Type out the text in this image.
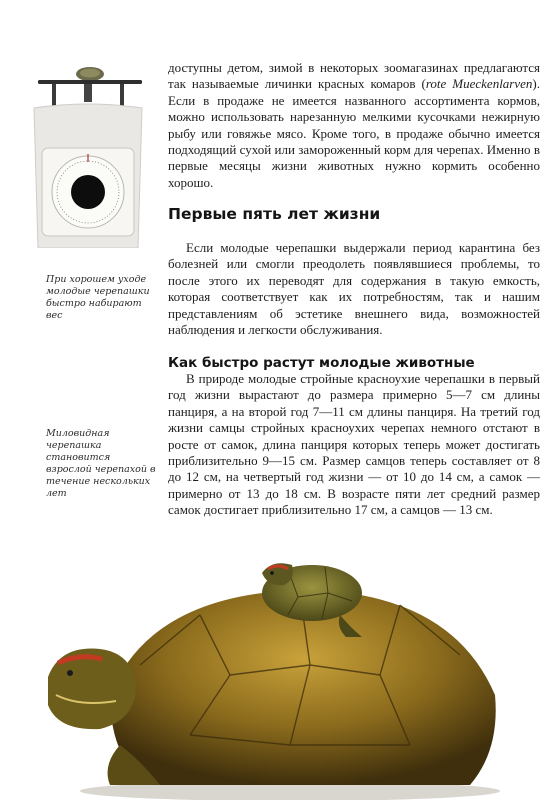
При хорошем уходе молодые черепашки быстро набирают вес
Миловидная черепашка становится взрослой черепахой в течение нескольких лет

доступны детом, зимой в некоторых зоомагазинах предлагаются так называемые личинки красных комаров (rote Mueckenlarven). Если в продаже не имеется названного ассортимента кормов, можно использовать нарезанную мелкими кусочками нежирную рыбу или говяжье мясо. Кроме того, в продаже обычно имеется подходящий сухой или замороженный корм для черепах. Именно в первые месяцы жизни животных нужно кормить особенно хорошо.

Первые пять лет жизни

Если молодые черепашки выдержали период карантина без болезней или смогли преодолеть появлявшиеся проблемы, то после этого их переводят для содержания в такую емкость, которая соответствует как их потребностям, так и нашим представлениям об эстетике внешнего вида, возможностей наблюдения и легкости обслуживания.

Как быстро растут молодые животные

В природе молодые стройные красноухие черепашки в первый год жизни вырастают до размера примерно 5—7 см длины панциря, а на второй год 7—11 см длины панциря. На третий год жизни самцы стройных красноухих черепах немного отстают в росте от самок, длина панциря которых теперь может достигать приблизительно 9—15 см. Размер самцов теперь составляет от 8 до 12 см, на четвертый год жизни — от 10 до 14 см, а самок — примерно от 13 до 18 см. В возрасте пяти лет средний размер самок достигает приблизительно 17 см, а самцов — 13 см.
